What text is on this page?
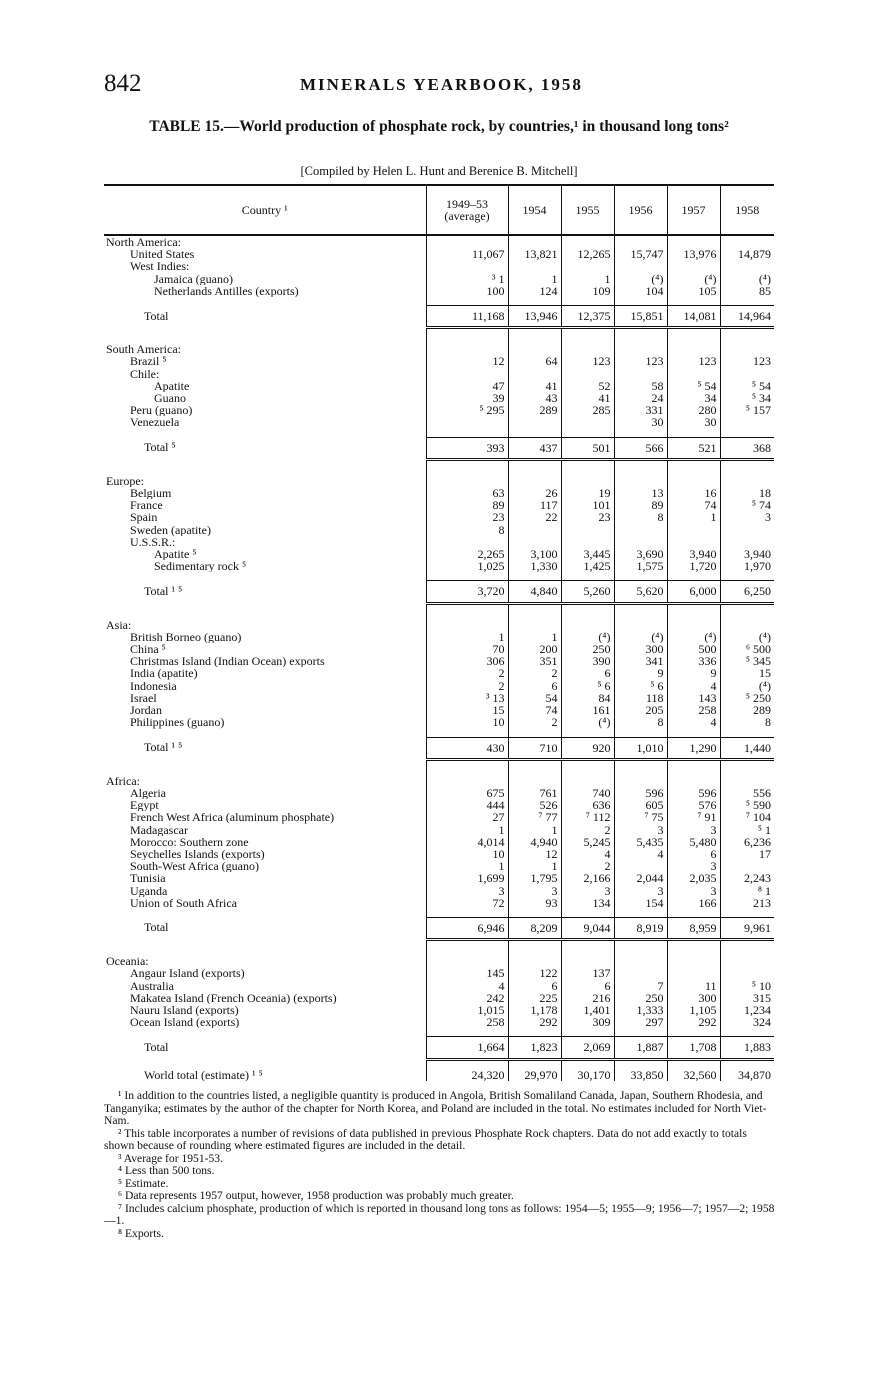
842	MINERALS YEARBOOK, 1958
TABLE 15.—World production of phosphate rock, by countries,¹ in thousand long tons²
[Compiled by Helen L. Hunt and Berenice B. Mitchell]
Country ¹	1949–53 (average)	1954	1955	1956	1957	1958
North America:						
United States	11,067	13,821	12,265	15,747	13,976	14,879
West Indies:						
Jamaica (guano)	³ 1	1	1	(⁴)	(⁴)	(⁴)
Netherlands Antilles (exports)	100	124	109	104	105	85

Total	11,168	13,946	12,375	15,851	14,081	14,964

South America:						
Brazil ⁵	12	64	123	123	123	123
Chile:						
Apatite	47	41	52	58	⁵ 54	⁵ 54
Guano	39	43	41	24	34	⁵ 34
Peru (guano)	⁵ 295	289	285	331	280	⁵ 157
Venezuela				30	30	

Total ⁵	393	437	501	566	521	368

Europe:						
Belgium	63	26	19	13	16	18
France	89	117	101	89	74	⁵ 74
Spain	23	22	23	8	1	3
Sweden (apatite)	8					
U.S.S.R.:						
Apatite ⁵	2,265	3,100	3,445	3,690	3,940	3,940
Sedimentary rock ⁵	1,025	1,330	1,425	1,575	1,720	1,970

Total ¹ ⁵	3,720	4,840	5,260	5,620	6,000	6,250

Asia:						
British Borneo (guano)	1	1	(⁴)	(⁴)	(⁴)	(⁴)
China ⁵	70	200	250	300	500	⁶ 500
Christmas Island (Indian Ocean) exports	306	351	390	341	336	⁵ 345
India (apatite)	2	2	6	9	9	15
Indonesia	2	6	⁵ 6	⁵ 6	4	(⁴)
Israel	³ 13	54	84	118	143	⁵ 250
Jordan	15	74	161	205	258	289
Philippines (guano)	10	2	(⁴)	8	4	8

Total ¹ ⁵	430	710	920	1,010	1,290	1,440

Africa:						
Algeria	675	761	740	596	596	556
Egypt	444	526	636	605	576	⁵ 590
French West Africa (aluminum phosphate)	27	⁷ 77	⁷ 112	⁷ 75	⁷ 91	⁷ 104
Madagascar	1	1	2	3	3	⁵ 1
Morocco: Southern zone	4,014	4,940	5,245	5,435	5,480	6,236
Seychelles Islands (exports)	10	12	4	4	6	17
South-West Africa (guano)	1	1	2		3	
Tunisia	1,699	1,795	2,166	2,044	2,035	2,243
Uganda	3	3	3	3	3	⁸ 1
Union of South Africa	72	93	134	154	166	213

Total	6,946	8,209	9,044	8,919	8,959	9,961

Oceania:						
Angaur Island (exports)	145	122	137			
Australia	4	6	6	7	11	⁵ 10
Makatea Island (French Oceania) (exports)	242	225	216	250	300	315
Nauru Island (exports)	1,015	1,178	1,401	1,333	1,105	1,234
Ocean Island (exports)	258	292	309	297	292	324

Total	1,664	1,823	2,069	1,887	1,708	1,883

World total (estimate) ¹ ⁵	24,320	29,970	30,170	33,850	32,560	34,870

¹ In addition to the countries listed, a negligible quantity is produced in Angola, British Somaliland Canada, Japan, Southern Rhodesia, and Tanganyika; estimates by the author of the chapter for North Korea, and Poland are included in the total. No estimates included for North Viet-Nam.

² This table incorporates a number of revisions of data published in previous Phosphate Rock chapters. Data do not add exactly to totals shown because of rounding where estimated figures are included in the detail.

³ Average for 1951-53.

⁴ Less than 500 tons.

⁵ Estimate.

⁶ Data represents 1957 output, however, 1958 production was probably much greater.

⁷ Includes calcium phosphate, production of which is reported in thousand long tons as follows: 1954—5; 1955—9; 1956—7; 1957—2; 1958—1.

⁸ Exports.
